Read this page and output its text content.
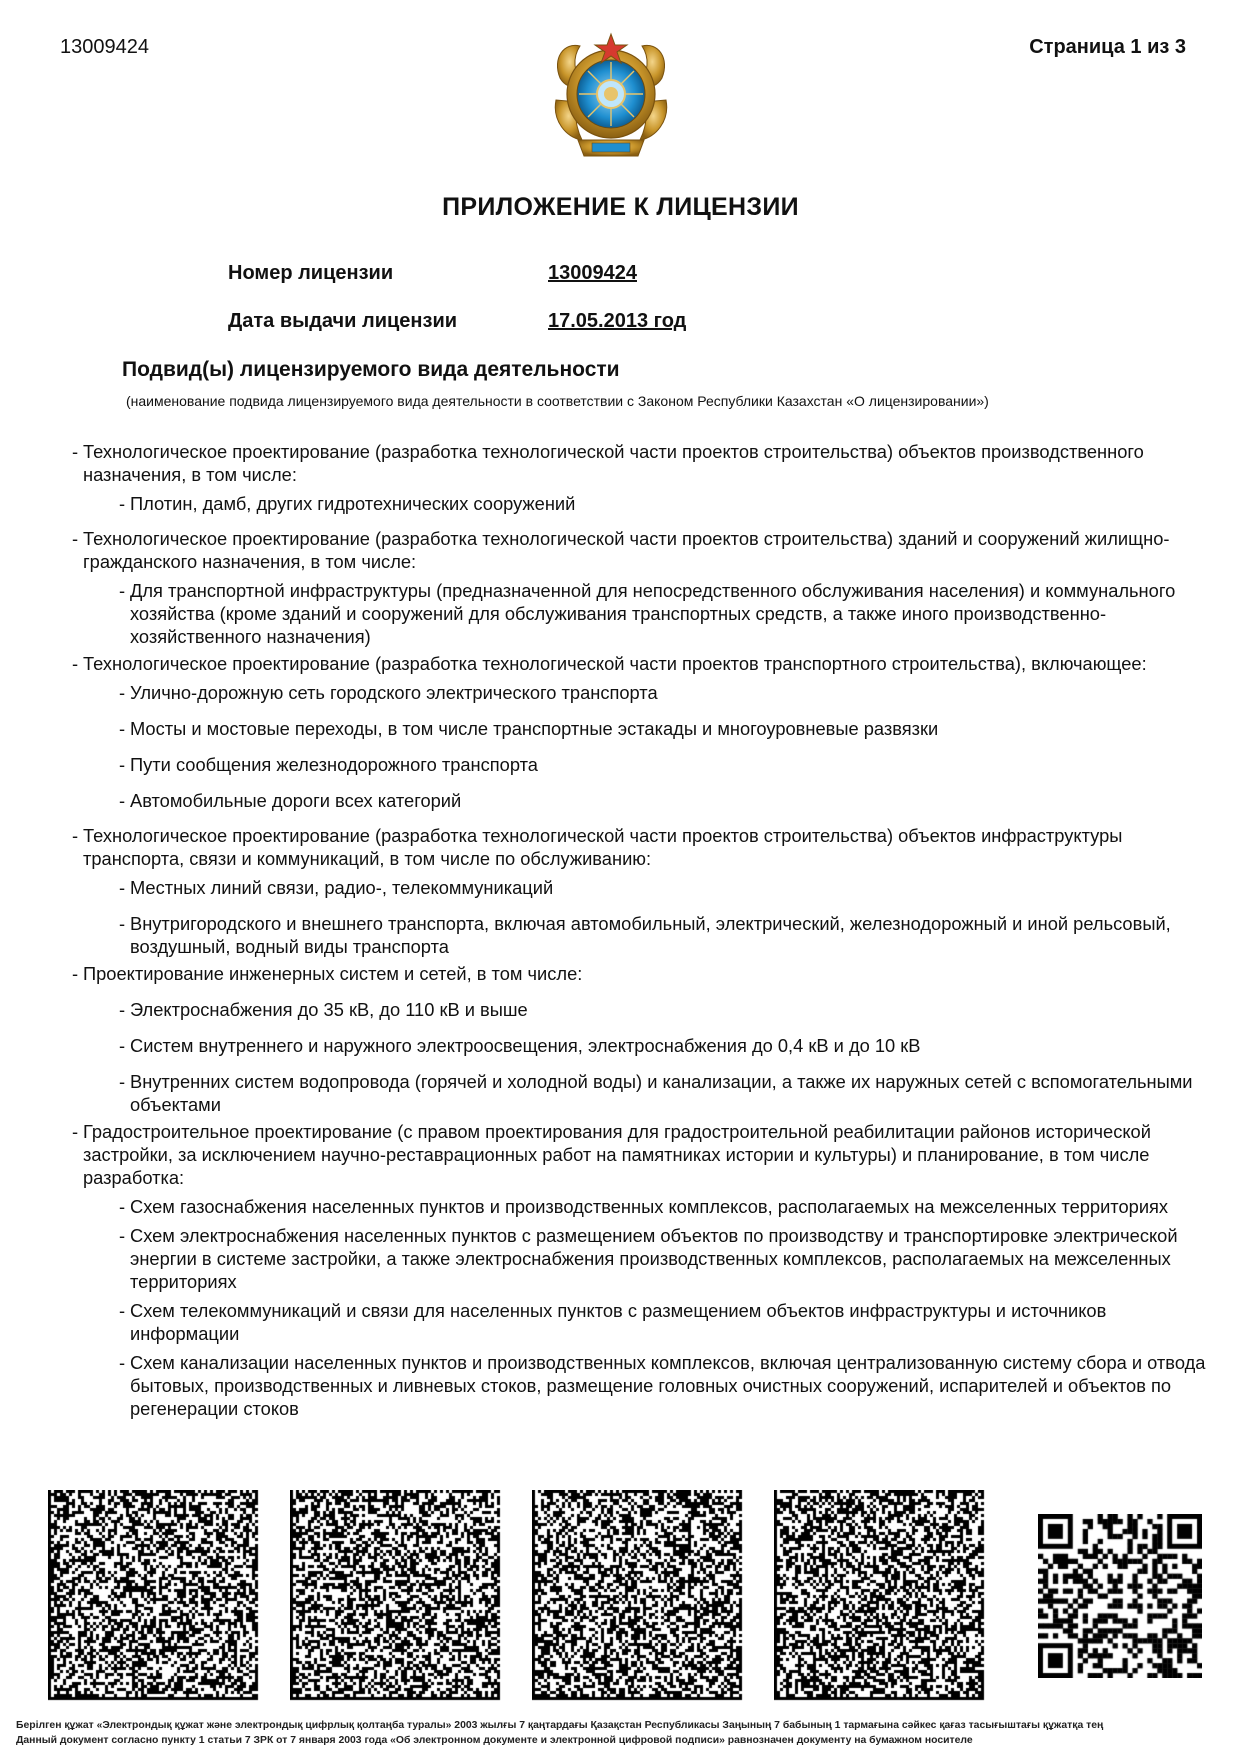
13009424	Страница 1 из 3
ПРИЛОЖЕНИЕ К ЛИЦЕНЗИИ
Номер лицензии	13009424
Дата выдачи лицензии	17.05.2013 год
Подвид(ы) лицензируемого вида деятельности
(наименование подвида лицензируемого вида деятельности в соответствии с Законом Республики Казахстан «О лицензировании»)
- Технологическое проектирование (разработка технологической части проектов строительства) объектов производственного назначения, в том числе:
- Плотин, дамб, других гидротехнических сооружений
- Технологическое проектирование (разработка технологической части проектов строительства) зданий и сооружений жилищно-гражданского назначения, в том числе:
- Для транспортной инфраструктуры (предназначенной для непосредственного обслуживания населения) и коммунального хозяйства (кроме зданий и сооружений для обслуживания транспортных средств, а также иного производственно-хозяйственного назначения)
- Технологическое проектирование (разработка технологической части проектов транспортного строительства), включающее:
- Улично-дорожную сеть городского электрического транспорта
- Мосты и мостовые переходы, в том числе транспортные эстакады и многоуровневые развязки
- Пути сообщения железнодорожного транспорта
- Автомобильные дороги всех категорий
- Технологическое проектирование (разработка технологической части проектов строительства) объектов инфраструктуры транспорта, связи и коммуникаций, в том числе по обслуживанию:
- Местных линий связи, радио-, телекоммуникаций
- Внутригородского и внешнего транспорта, включая автомобильный, электрический, железнодорожный и иной рельсовый, воздушный, водный виды транспорта
- Проектирование инженерных систем и сетей, в том числе:
- Электроснабжения до 35 кВ, до 110 кВ и выше
- Систем внутреннего и наружного электроосвещения, электроснабжения до 0,4 кВ и до 10 кВ
- Внутренних систем водопровода (горячей и холодной воды) и канализации, а также их наружных сетей с вспомогательными объектами
- Градостроительное проектирование (с правом проектирования для градостроительной реабилитации районов исторической застройки, за исключением научно-реставрационных работ на памятниках истории и культуры) и планирование, в том числе разработка:
- Схем газоснабжения населенных пунктов и производственных комплексов, располагаемых на межселенных территориях
- Схем электроснабжения населенных пунктов с размещением объектов по производству и транспортировке электрической энергии в системе застройки, а также электроснабжения производственных комплексов, располагаемых на межселенных территориях
- Схем телекоммуникаций и связи для населенных пунктов с размещением объектов инфраструктуры и источников информации
- Схем канализации населенных пунктов и производственных комплексов, включая централизованную систему сбора и отвода бытовых, производственных и ливневых стоков, размещение головных очистных сооружений, испарителей и объектов по регенерации стоков
Берілген құжат «Электрондық құжат және электрондық цифрлық қолтаңба туралы» 2003 жылғы 7 қаңтардағы Қазақстан Республикасы Заңының 7 бабының 1 тармағына сәйкес қағаз тасығыштағы құжатқа тең
Данный документ согласно пункту 1 статьи 7 ЗРК от 7 января 2003 года «Об электронном документе и электронной цифровой подписи» равнозначен документу на бумажном носителе
